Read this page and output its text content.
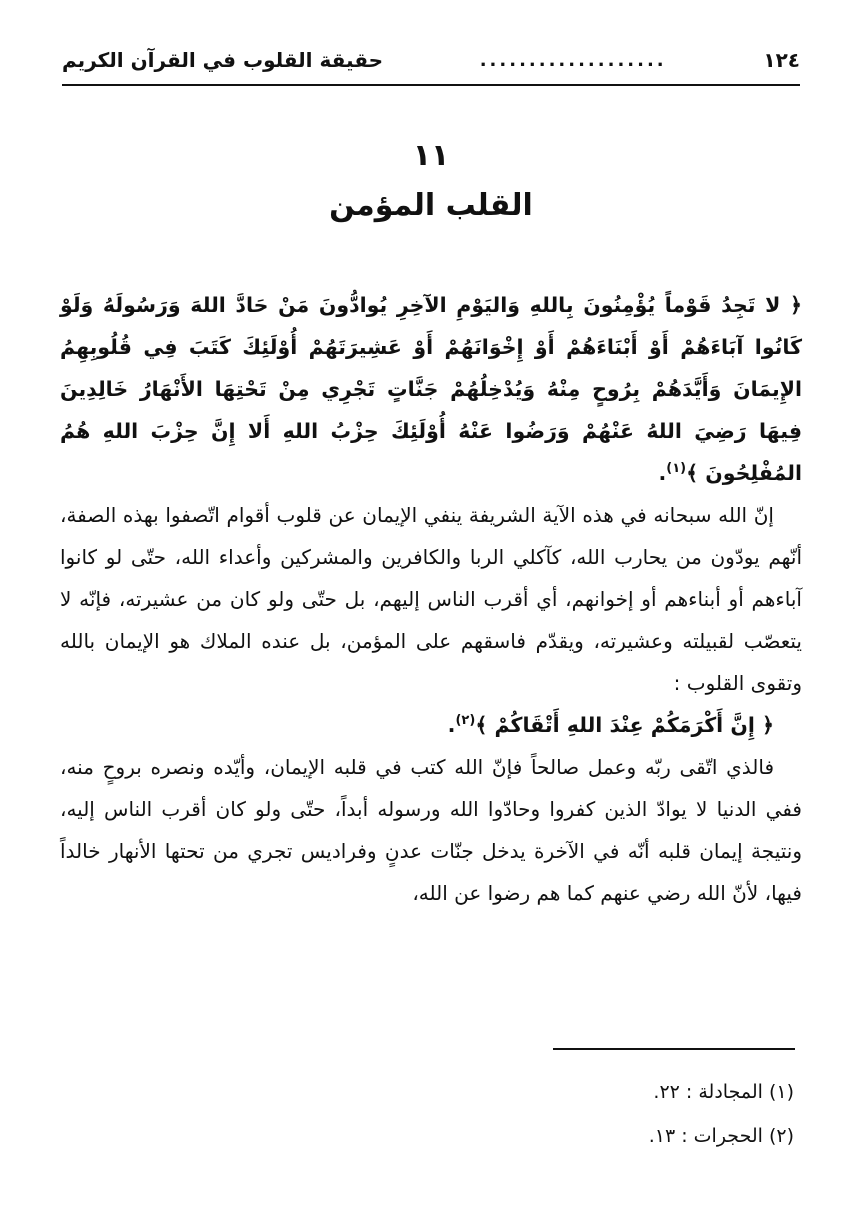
١٢٤
...................
حقيقة القلوب في القرآن الكريم
١١
القلب المؤمن

﴿ لا تَجِدُ قَوْماً يُؤْمِنُونَ بِاللهِ وَاليَوْمِ الآخِرِ يُوادُّونَ مَنْ حَادَّ اللهَ وَرَسُولَهُ وَلَوْ كَانُوا آبَاءَهُمْ أَوْ أَبْنَاءَهُمْ أَوْ إِخْوَانَهُمْ أَوْ عَشِيرَتَهُمْ أُوْلَئِكَ كَتَبَ فِي قُلُوبِهِمُ الإِيمَانَ وَأَيَّدَهُمْ بِرُوحٍ مِنْهُ وَيُدْخِلُهُمْ جَنَّاتٍ تَجْرِي مِنْ تَحْتِهَا الأَنْهَارُ خَالِدِينَ فِيهَا رَضِيَ اللهُ عَنْهُمْ وَرَضُوا عَنْهُ أُوْلَئِكَ حِزْبُ اللهِ أَلا إِنَّ حِزْبَ اللهِ هُمُ المُفْلِحُونَ ﴾$^{(١)}$.

إنّ الله سبحانه في هذه الآية الشريفة ينفي الإيمان عن قلوب أقوام اتّصفوا بهذه الصفة، أنّهم يودّون من يحارب الله، كآكلي الربا والكافرين والمشركين وأعداء الله، حتّى لو كانوا آباءهم أو أبناءهم أو إخوانهم، أي أقرب الناس إليهم، بل حتّى ولو كان من عشيرته، فإنّه لا يتعصّب لقبيلته وعشيرته، ويقدّم فاسقهم على المؤمن، بل عنده الملاك هو الإيمان بالله وتقوى القلوب :

﴿ إِنَّ أَكْرَمَكُمْ عِنْدَ اللهِ أَتْقَاكُمْ ﴾$^{(٢)}$.

فالذي اتّقى ربّه وعمل صالحاً فإنّ الله كتب في قلبه الإيمان، وأيّده ونصره بروحٍ منه، ففي الدنيا لا يوادّ الذين كفروا وحادّوا الله ورسوله أبداً، حتّى ولو كان أقرب الناس إليه، ونتيجة إيمان قلبه أنّه في الآخرة يدخل جنّات عدنٍ وفراديس تجري من تحتها الأنهار خالداً فيها، لأنّ الله رضي عنهم كما هم رضوا عن الله،

(١) المجادلة : ٢٢.
(٢) الحجرات : ١٣.
